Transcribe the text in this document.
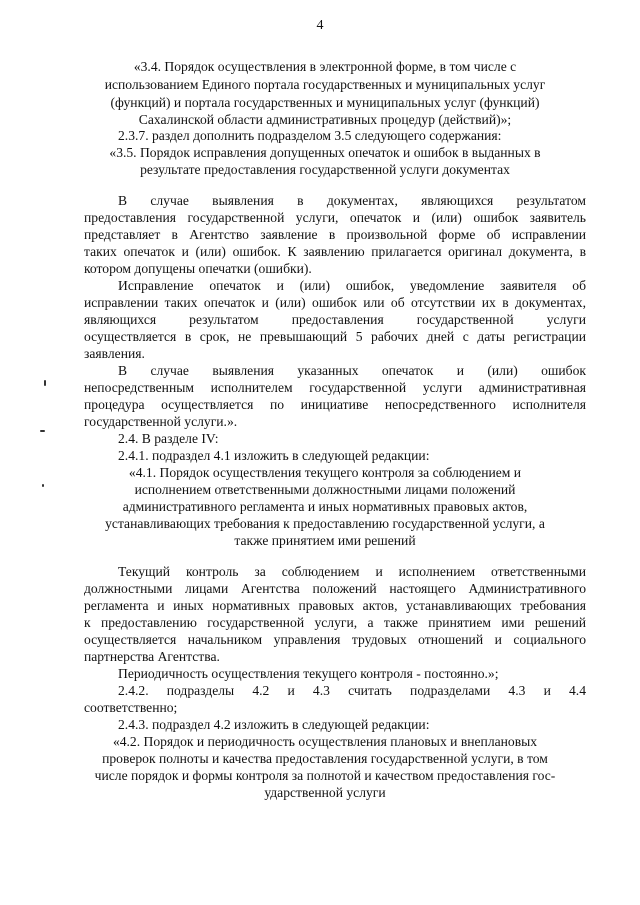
4
«3.4. Порядок осуществления в электронной форме, в том числе с
использованием Единого портала государственных и муниципальных услуг
(функций) и портала государственных и муниципальных услуг (функций)
Сахалинской области административных процедур (действий)»;
2.3.7. раздел дополнить подразделом 3.5 следующего содержания:
«3.5. Порядок исправления допущенных опечаток и ошибок в выданных в
результате предоставления государственной услуги документах
В случае выявления в документах, являющихся результатом
предоставления государственной услуги, опечаток и (или) ошибок заявитель
представляет в Агентство заявление в произвольной форме об исправлении
таких опечаток и (или) ошибок. К заявлению прилагается оригинал документа, в
котором допущены опечатки (ошибки).
Исправление опечаток и (или) ошибок, уведомление заявителя об
исправлении таких опечаток и (или) ошибок или об отсутствии их в документах,
являющихся результатом предоставления государственной услуги
осуществляется в срок, не превышающий 5 рабочих дней с даты регистрации
заявления.
В случае выявления указанных опечаток и (или) ошибок
непосредственным исполнителем государственной услуги административная
процедура осуществляется по инициативе непосредственного исполнителя
государственной услуги.».
2.4. В разделе IV:
2.4.1. подраздел 4.1 изложить в следующей редакции:
«4.1. Порядок осуществления текущего контроля за соблюдением и
исполнением ответственными должностными лицами положений
административного регламента и иных нормативных правовых актов,
устанавливающих требования к предоставлению государственной услуги, а
также принятием ими решений
Текущий контроль за соблюдением и исполнением ответственными
должностными лицами Агентства положений настоящего Административного
регламента и иных нормативных правовых актов, устанавливающих требования
к предоставлению государственной услуги, а также принятием ими решений
осуществляется начальником управления трудовых отношений и социального
партнерства Агентства.
Периодичность осуществления текущего контроля - постоянно.»;
2.4.2. подразделы 4.2 и 4.3 считать подразделами 4.3 и 4.4
соответственно;
2.4.3. подраздел 4.2 изложить в следующей редакции:
«4.2. Порядок и периодичность осуществления плановых и внеплановых
проверок полноты и качества предоставления государственной услуги, в том
числе порядок и формы контроля за полнотой и качеством предоставления гос-
ударственной услуги
